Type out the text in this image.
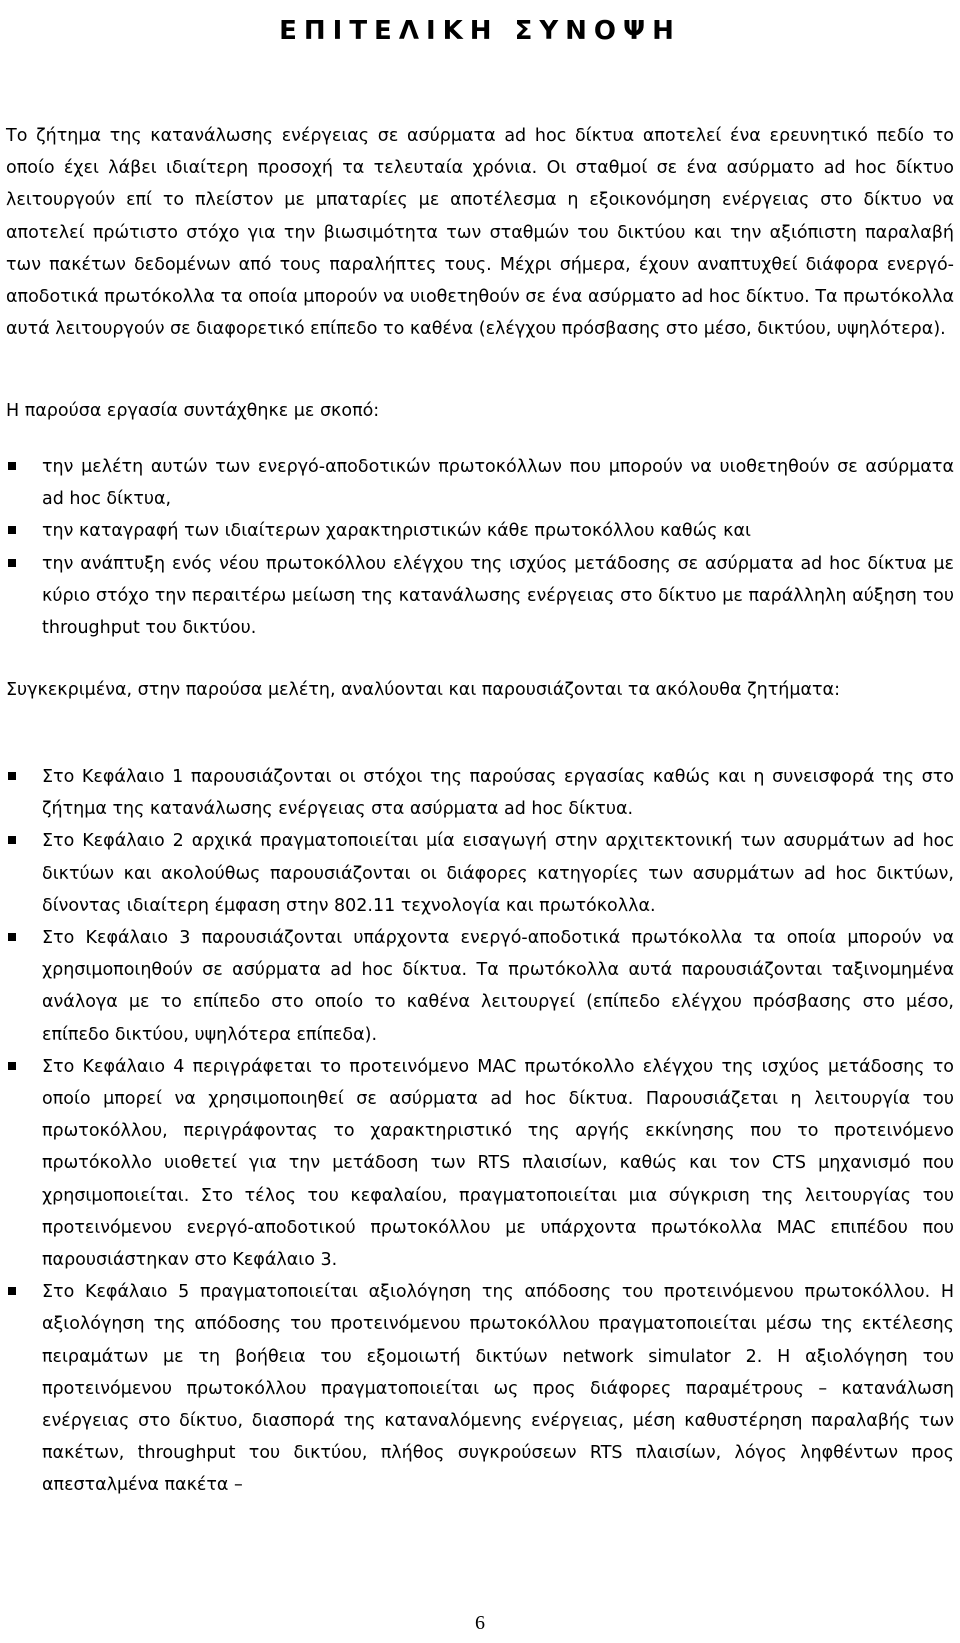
ΕΠΙΤΕΛΙΚΗ ΣΥΝΟΨΗ

Το ζήτημα της κατανάλωσης ενέργειας σε ασύρματα ad hoc δίκτυα αποτελεί ένα ερευνητικό πεδίο το οποίο έχει λάβει ιδιαίτερη προσοχή τα τελευταία χρόνια. Οι σταθμοί σε ένα ασύρματο ad hoc δίκτυο λειτουργούν επί το πλείστον με μπαταρίες με αποτέλεσμα η εξοικονόμηση ενέργειας στο δίκτυο να αποτελεί πρώτιστο στόχο για την βιωσιμότητα των σταθμών του δικτύου και την αξιόπιστη παραλαβή των πακέτων δεδομένων από τους παραλήπτες τους. Μέχρι σήμερα, έχουν αναπτυχθεί διάφορα ενεργό-αποδοτικά πρωτόκολλα τα οποία μπορούν να υιοθετηθούν σε ένα ασύρματο ad hoc δίκτυο. Τα πρωτόκολλα αυτά λειτουργούν σε διαφορετικό επίπεδο το καθένα (ελέγχου πρόσβασης στο μέσο, δικτύου, υψηλότερα).

Η παρούσα εργασία συντάχθηκε με σκοπό:

την μελέτη αυτών των ενεργό-αποδοτικών πρωτοκόλλων που μπορούν να υιοθετηθούν σε ασύρματα ad hoc δίκτυα,
την καταγραφή των ιδιαίτερων χαρακτηριστικών κάθε πρωτοκόλλου καθώς και
την ανάπτυξη ενός νέου πρωτοκόλλου ελέγχου της ισχύος μετάδοσης σε ασύρματα ad hoc δίκτυα με κύριο στόχο την περαιτέρω μείωση της κατανάλωσης ενέργειας στο δίκτυο με παράλληλη αύξηση του throughput του δικτύου.

Συγκεκριμένα, στην παρούσα μελέτη, αναλύονται και παρουσιάζονται τα ακόλουθα ζητήματα:

Στο Κεφάλαιο 1 παρουσιάζονται οι στόχοι της παρούσας εργασίας καθώς και η συνεισφορά της στο ζήτημα της κατανάλωσης ενέργειας στα ασύρματα ad hoc δίκτυα.
Στο Κεφάλαιο 2 αρχικά πραγματοποιείται μία εισαγωγή στην αρχιτεκτονική των ασυρμάτων ad hoc δικτύων και ακολούθως παρουσιάζονται οι διάφορες κατηγορίες των ασυρμάτων ad hoc δικτύων, δίνοντας ιδιαίτερη έμφαση στην 802.11 τεχνολογία και πρωτόκολλα.
Στο Κεφάλαιο 3 παρουσιάζονται υπάρχοντα ενεργό-αποδοτικά πρωτόκολλα τα οποία μπορούν να χρησιμοποιηθούν σε ασύρματα ad hoc δίκτυα. Τα πρωτόκολλα αυτά παρουσιάζονται ταξινομημένα ανάλογα με το επίπεδο στο οποίο το καθένα λειτουργεί (επίπεδο ελέγχου πρόσβασης στο μέσο, επίπεδο δικτύου, υψηλότερα επίπεδα).
Στο Κεφάλαιο 4 περιγράφεται το προτεινόμενο MAC πρωτόκολλο ελέγχου της ισχύος μετάδοσης το οποίο μπορεί να χρησιμοποιηθεί σε ασύρματα ad hoc δίκτυα. Παρουσιάζεται η λειτουργία του πρωτοκόλλου, περιγράφοντας το χαρακτηριστικό της αργής εκκίνησης που το προτεινόμενο πρωτόκολλο υιοθετεί για την μετάδοση των RTS πλαισίων, καθώς και τον CTS μηχανισμό που χρησιμοποιείται. Στο τέλος του κεφαλαίου, πραγματοποιείται μια σύγκριση της λειτουργίας του προτεινόμενου ενεργό-αποδοτικού πρωτοκόλλου με υπάρχοντα πρωτόκολλα MAC επιπέδου που παρουσιάστηκαν στο Κεφάλαιο 3.
Στο Κεφάλαιο 5 πραγματοποιείται αξιολόγηση της απόδοσης του προτεινόμενου πρωτοκόλλου. Η αξιολόγηση της απόδοσης του προτεινόμενου πρωτοκόλλου πραγματοποιείται μέσω της εκτέλεσης πειραμάτων με τη βοήθεια του εξομοιωτή δικτύων network simulator 2. Η αξιολόγηση του προτεινόμενου πρωτοκόλλου πραγματοποιείται ως προς διάφορες παραμέτρους – κατανάλωση ενέργειας στο δίκτυο, διασπορά της καταναλόμενης ενέργειας, μέση καθυστέρηση παραλαβής των πακέτων, throughput του δικτύου, πλήθος συγκρούσεων RTS πλαισίων, λόγος ληφθέντων προς απεσταλμένα πακέτα –
6
